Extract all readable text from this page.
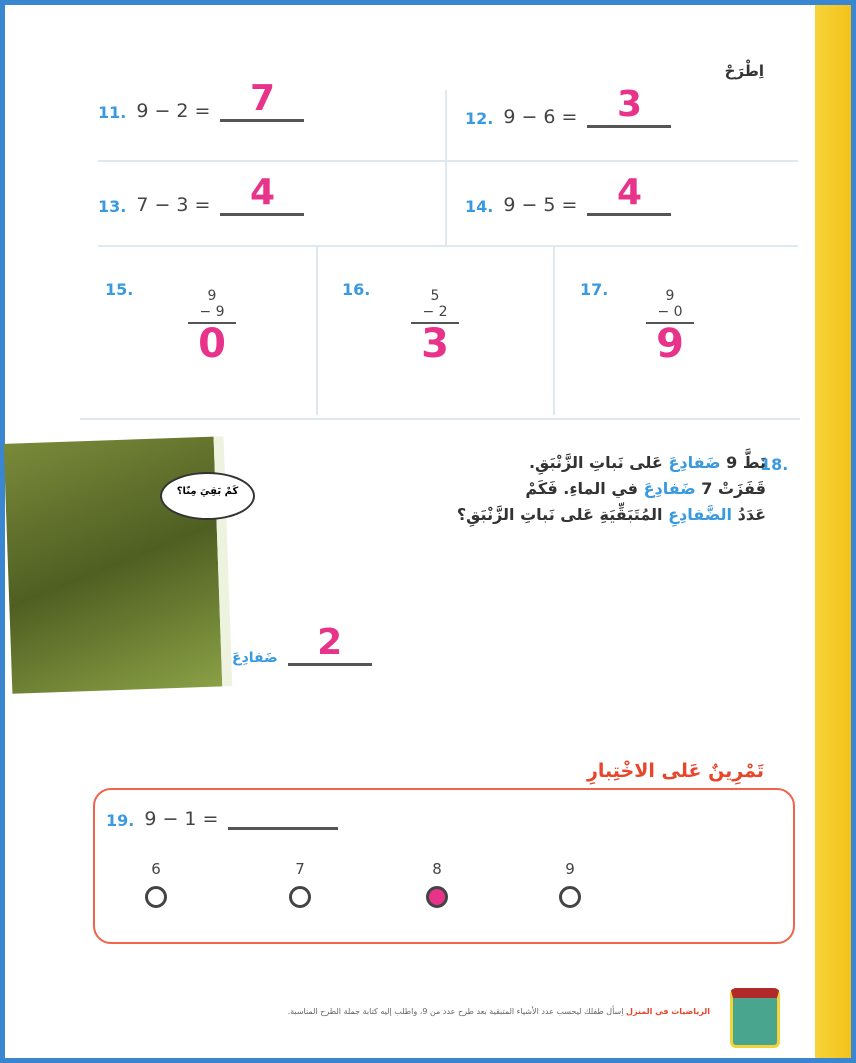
اِطْرَحْ
11. 9 − 2 =	7	12. 9 − 6 =	3
13. 7 − 3 =	4	14. 9 − 5 =	4
15.	9
− 9
0
16.	5
− 2
3
17.	9
− 0
9
كَمْ بَقِيَ مِنّا؟
18.
نَطَّ 9 ضَفادِعَ عَلى نَباتِ الزَّنْبَقِ.
قَفَزَتْ 7 ضَفادِعَ في الماءِ. فَكَمْ
عَدَدُ الضَّفادِعِ المُتَبَقِّيَةِ عَلى نَباتِ الزَّنْبَقِ؟
ضَفادِعَ	2
تَمْرِينٌ عَلى الاخْتِبارِ
19. 9 − 1 =
6	7	8	9
الرياضيات في المنزل اِسأل طفلك ليحسب عدد الأشياء المتبقية بعد طرح عدد من 9، واطلب إليه كتابة جملة الطرح المناسبة.
